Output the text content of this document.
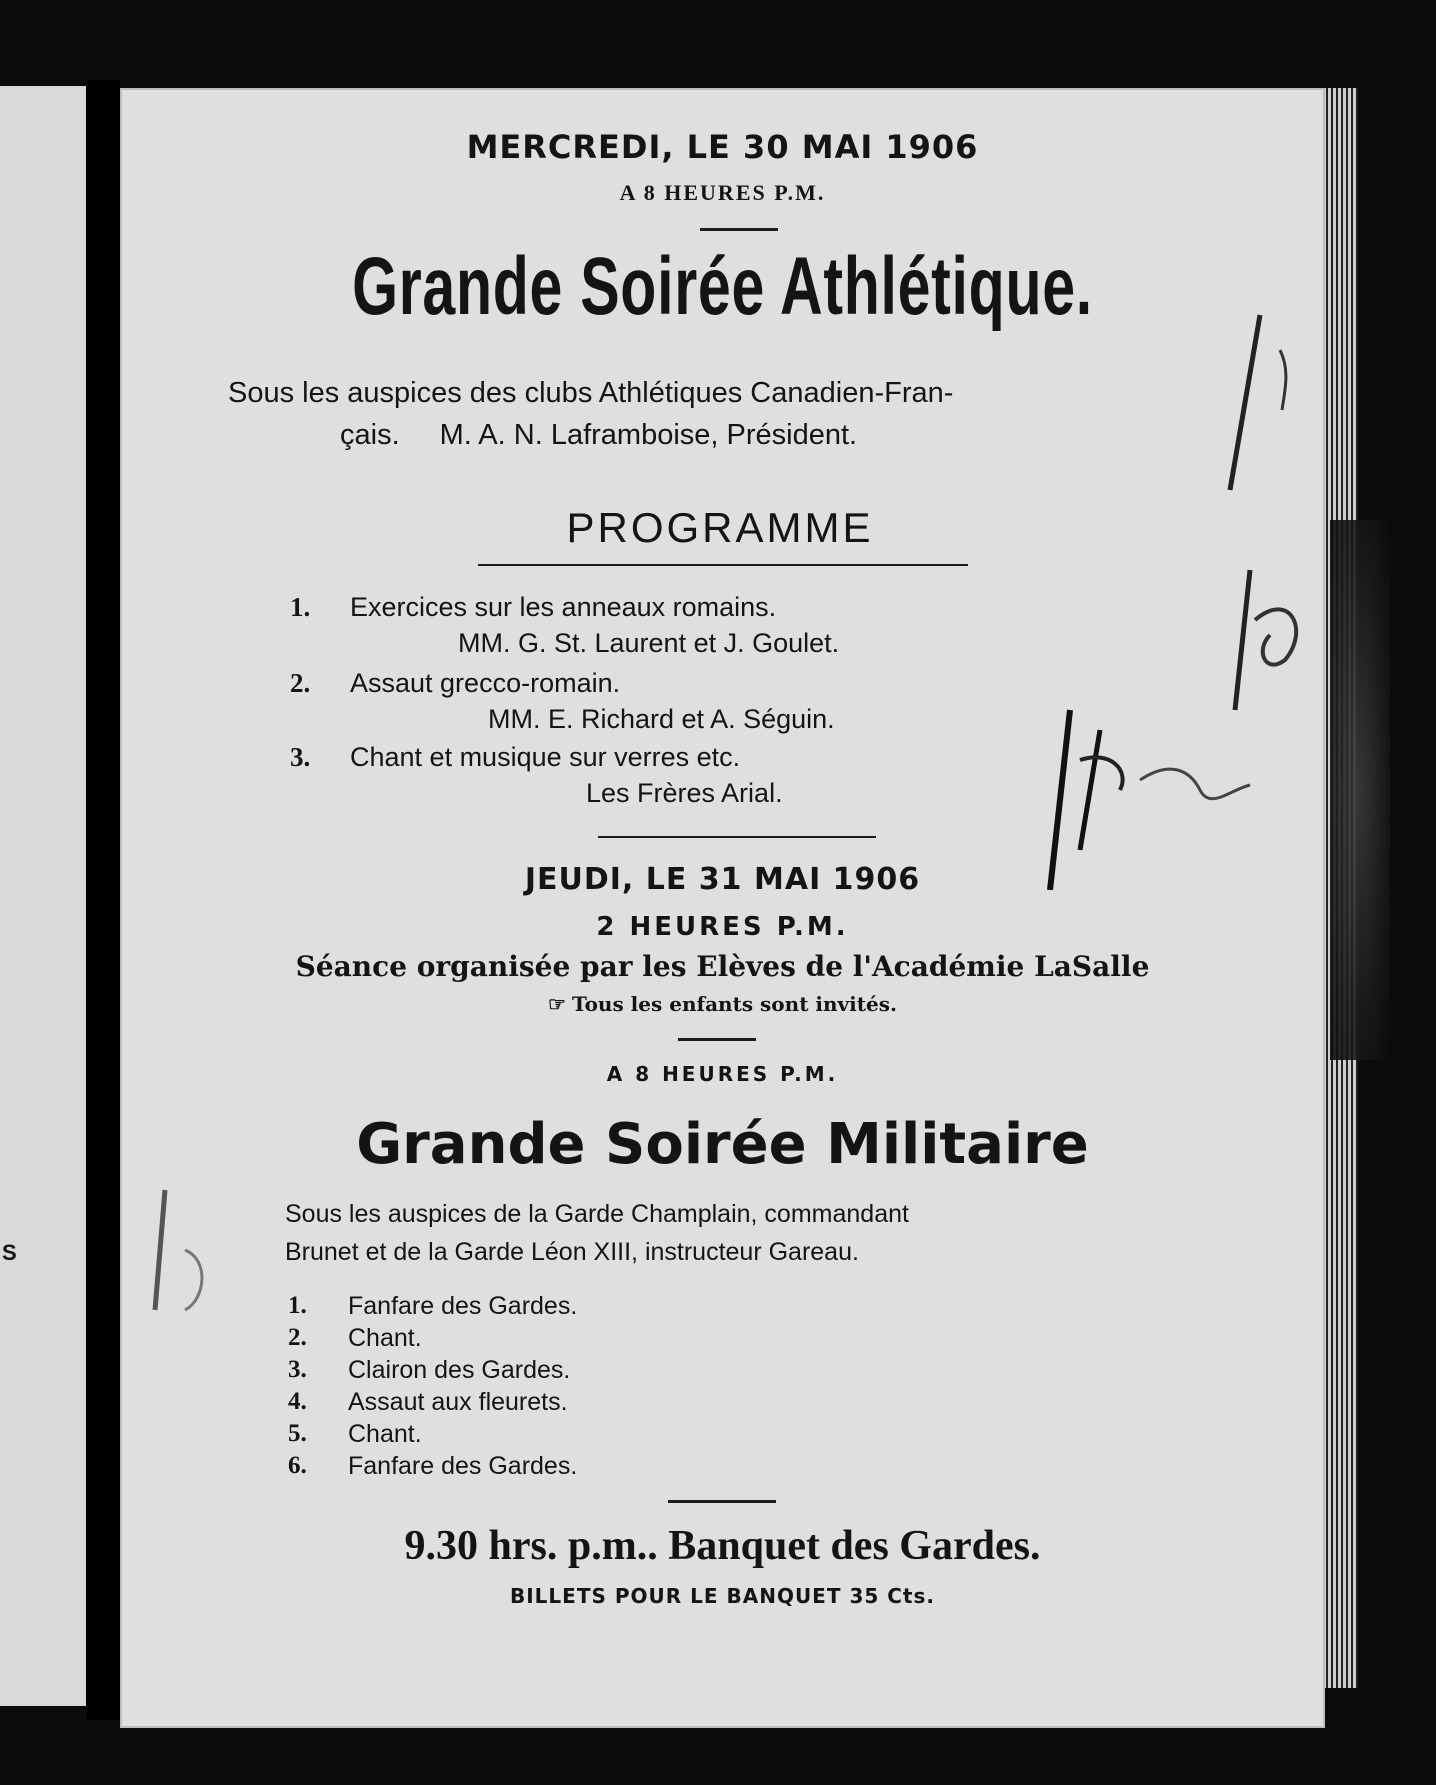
S
MERCREDI, LE 30 MAI 1906
A 8 HEURES P.M.
Grande Soirée Athlétique.
Sous les auspices des clubs Athlétiques Canadien-Fran-
çais. M. A. N. Laframboise, Président.
PROGRAMME
1. Exercices sur les anneaux romains.
MM. G. St. Laurent et J. Goulet.
2. Assaut grecco-romain.
MM. E. Richard et A. Séguin.
3. Chant et musique sur verres etc.
Les Frères Arial.
JEUDI, LE 31 MAI 1906
2 HEURES P.M.
Séance organisée par les Elèves de l'Académie LaSalle
☞ Tous les enfants sont invités.
A 8 HEURES P.M.
Grande Soirée Militaire
Sous les auspices de la Garde Champlain, commandant
Brunet et de la Garde Léon XIII, instructeur Gareau.
1. Fanfare des Gardes.
2. Chant.
3. Clairon des Gardes.
4. Assaut aux fleurets.
5. Chant.
6. Fanfare des Gardes.
9.30 hrs. p.m.. Banquet des Gardes.
BILLETS POUR LE BANQUET 35 Cts.
